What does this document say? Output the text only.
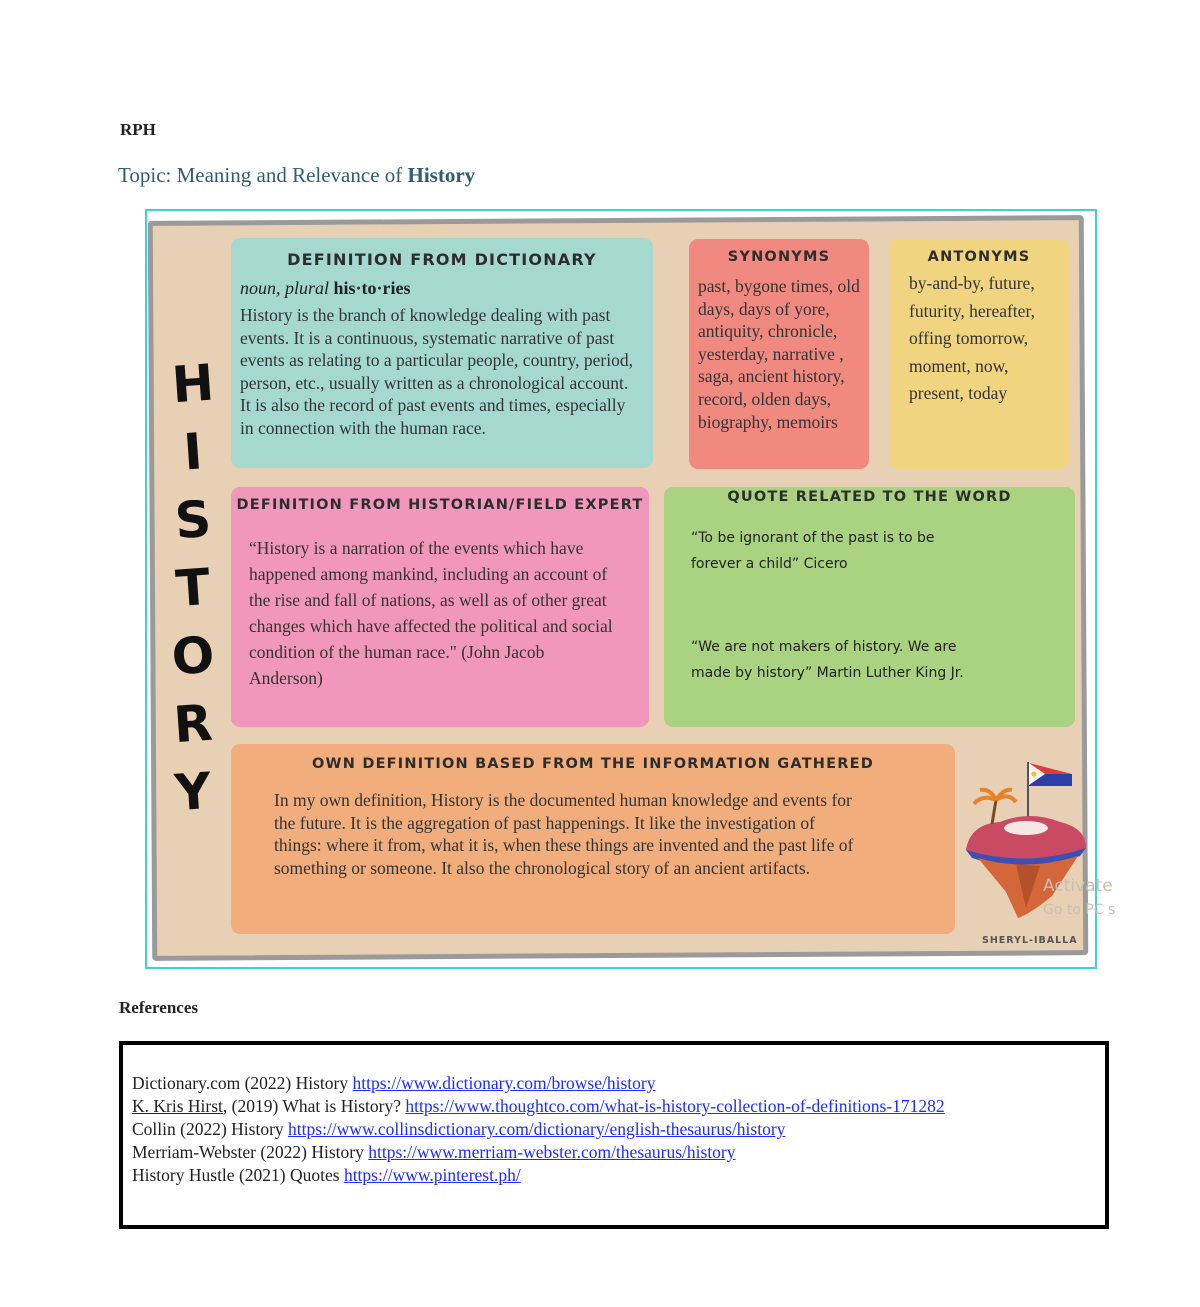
RPH
Topic: Meaning and Relevance of History
H
I
S
T
O
R
Y
DEFINITION FROM DICTIONARY
noun, plural his·to·ries
History is the branch of knowledge dealing with past events. It is a continuous, systematic narrative of past events as relating to a particular people, country, period, person, etc., usually written as a chronological account. It is also the record of past events and times, especially in connection with the human race.
SYNONYMS
past, bygone times, old days, days of yore, antiquity, chronicle, yesterday, narrative , saga, ancient history, record, olden days, biography, memoirs
ANTONYMS
by-and-by, future, futurity, hereafter, offing tomorrow, moment, now, present, today
DEFINITION FROM HISTORIAN/FIELD EXPERT
“History is a narration of the events which have happened among mankind, including an account of the rise and fall of nations, as well as of other great changes which have affected the political and social condition of the human race." (John Jacob Anderson)
QUOTE RELATED TO THE WORD
“To be ignorant of the past is to be forever a child” Cicero
“We are not makers of history. We are made by history” Martin Luther King Jr.
OWN DEFINITION BASED FROM THE INFORMATION GATHERED
In my own definition, History is the documented human knowledge and events for the future. It is the aggregation of past happenings. It like the investigation of things: where it from, what it is, when these things are invented and the past life of something or someone. It also the chronological story of an ancient artifacts.
Activate
Go to PC s
SHERYL-IBALLA
References
Dictionary.com (2022) History https://www.dictionary.com/browse/history
K. Kris Hirst, (2019) What is History? https://www.thoughtco.com/what-is-history-collection-of-definitions-171282
Collin (2022) History https://www.collinsdictionary.com/dictionary/english-thesaurus/history
Merriam-Webster (2022) History https://www.merriam-webster.com/thesaurus/history
History Hustle (2021) Quotes https://www.pinterest.ph/
